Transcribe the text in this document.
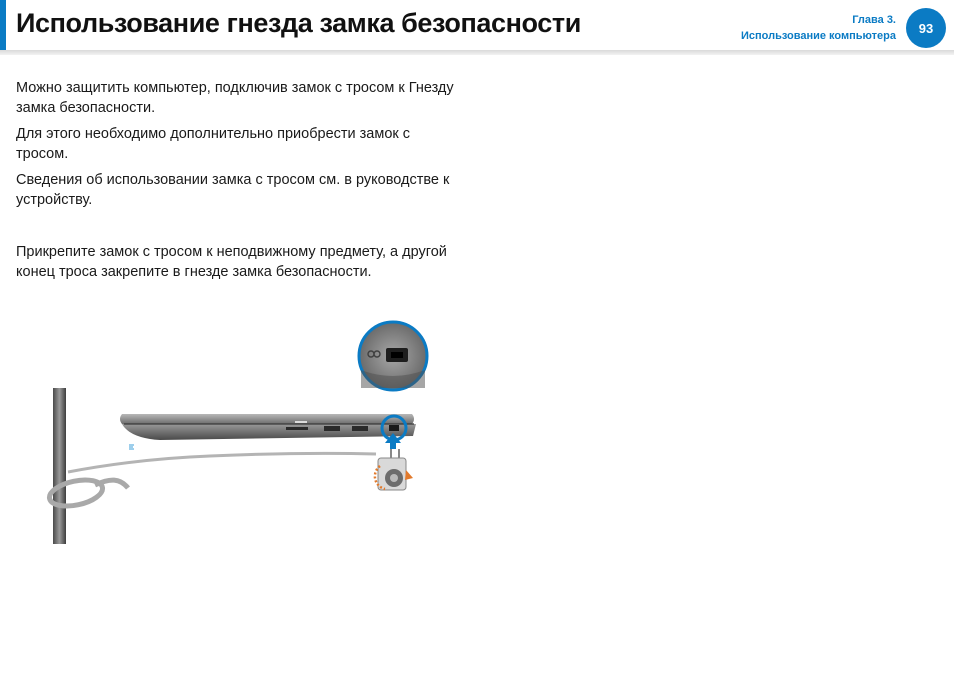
Использование гнезда замка безопасности	Глава 3.
Использование компьютера
93

Можно защитить компьютер, подключив замок с тросом к Гнезду замка безопасности.

Для этого необходимо дополнительно приобрести замок с тросом.

Сведения об использовании замка с тросом см. в руководстве к устройству.

Прикрепите замок с тросом к неподвижному предмету, а другой конец троса закрепите в гнезде замка безопасности.
